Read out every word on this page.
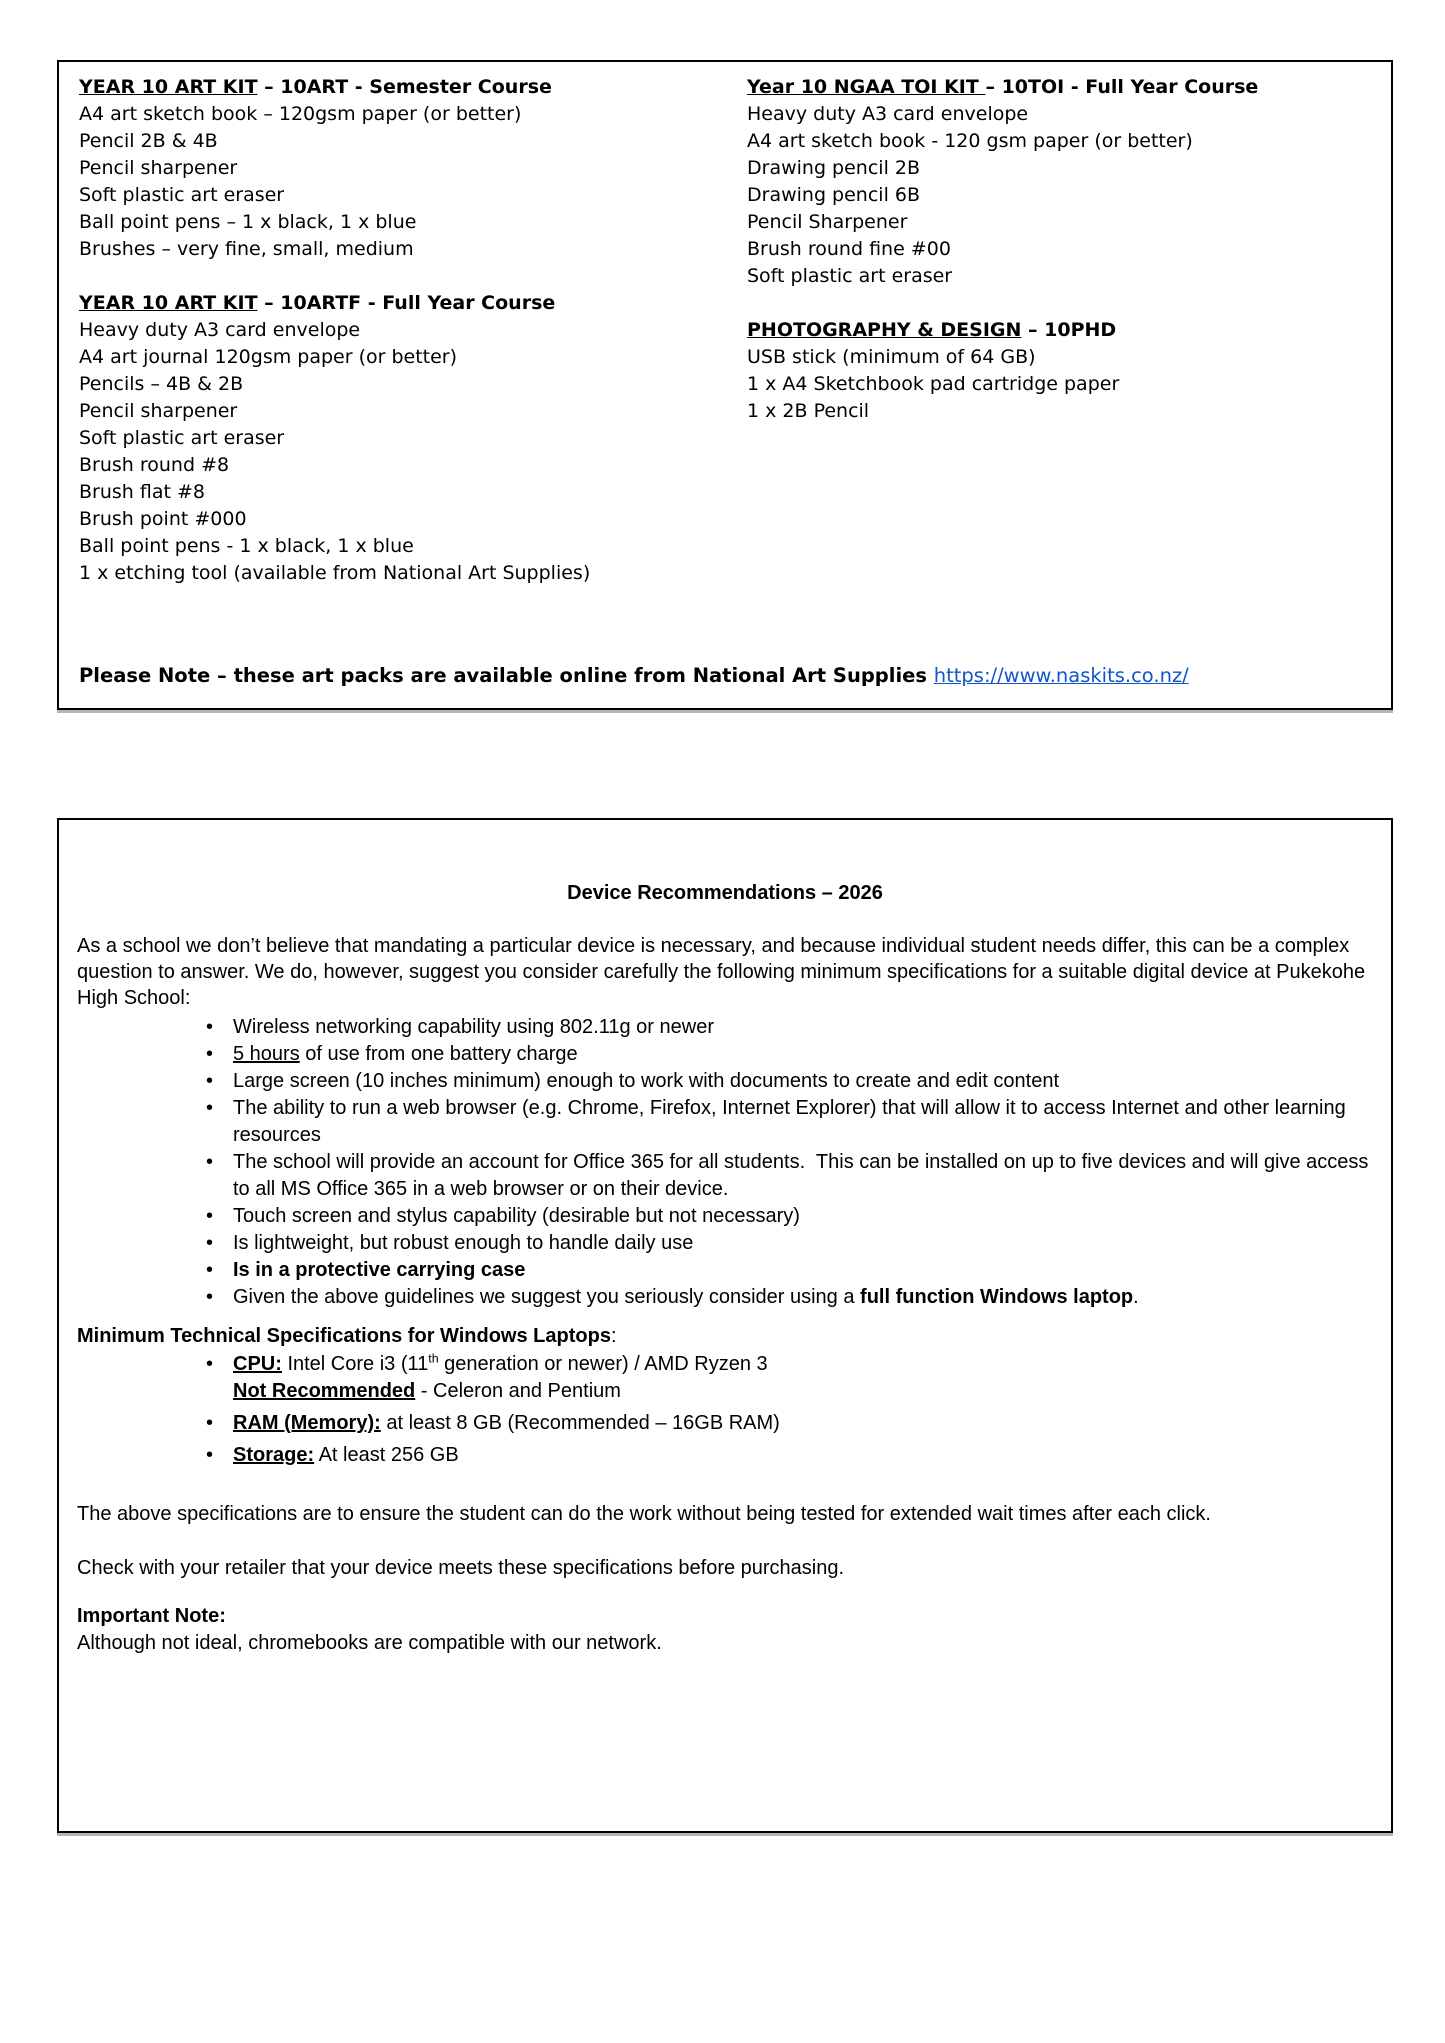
YEAR 10 ART KIT – 10ART - Semester Course
A4 art sketch book – 120gsm paper (or better)
Pencil 2B & 4B
Pencil sharpener
Soft plastic art eraser
Ball point pens – 1 x black, 1 x blue
Brushes – very fine, small, medium
YEAR 10 ART KIT – 10ARTF - Full Year Course
Heavy duty A3 card envelope
A4 art journal 120gsm paper (or better)
Pencils – 4B & 2B
Pencil sharpener
Soft plastic art eraser
Brush round #8
Brush flat #8
Brush point #000
Ball point pens - 1 x black, 1 x blue
1 x etching tool (available from National Art Supplies)
Year 10 NGAA TOI KIT – 10TOI - Full Year Course
Heavy duty A3 card envelope
A4 art sketch book - 120 gsm paper (or better)
Drawing pencil 2B
Drawing pencil 6B
Pencil Sharpener
Brush round fine #00
Soft plastic art eraser
PHOTOGRAPHY & DESIGN – 10PHD
USB stick (minimum of 64 GB)
1 x A4 Sketchbook pad cartridge paper
1 x 2B Pencil

Please Note – these art packs are available online from National Art Supplies https://www.naskits.co.nz/

Device Recommendations – 2026

As a school we don’t believe that mandating a particular device is necessary, and because individual student needs differ, this can be a complex question to answer. We do, however, suggest you consider carefully the following minimum specifications for a suitable digital device at Pukekohe High School:

• Wireless networking capability using 802.11g or newer
• 5 hours of use from one battery charge
• Large screen (10 inches minimum) enough to work with documents to create and edit content
• The ability to run a web browser (e.g. Chrome, Firefox, Internet Explorer) that will allow it to access Internet and other learning resources
• The school will provide an account for Office 365 for all students.  This can be installed on up to five devices and will give access to all MS Office 365 in a web browser or on their device.
• Touch screen and stylus capability (desirable but not necessary)
• Is lightweight, but robust enough to handle daily use
• Is in a protective carrying case
• Given the above guidelines we suggest you seriously consider using a full function Windows laptop.
Minimum Technical Specifications for Windows Laptops:
• CPU: Intel Core i3 (11th generation or newer) / AMD Ryzen 3
Not Recommended - Celeron and Pentium
• RAM (Memory): at least 8 GB (Recommended – 16GB RAM)
• Storage: At least 256 GB

The above specifications are to ensure the student can do the work without being tested for extended wait times after each click.

Check with your retailer that your device meets these specifications before purchasing.

Important Note:

Although not ideal, chromebooks are compatible with our network.
